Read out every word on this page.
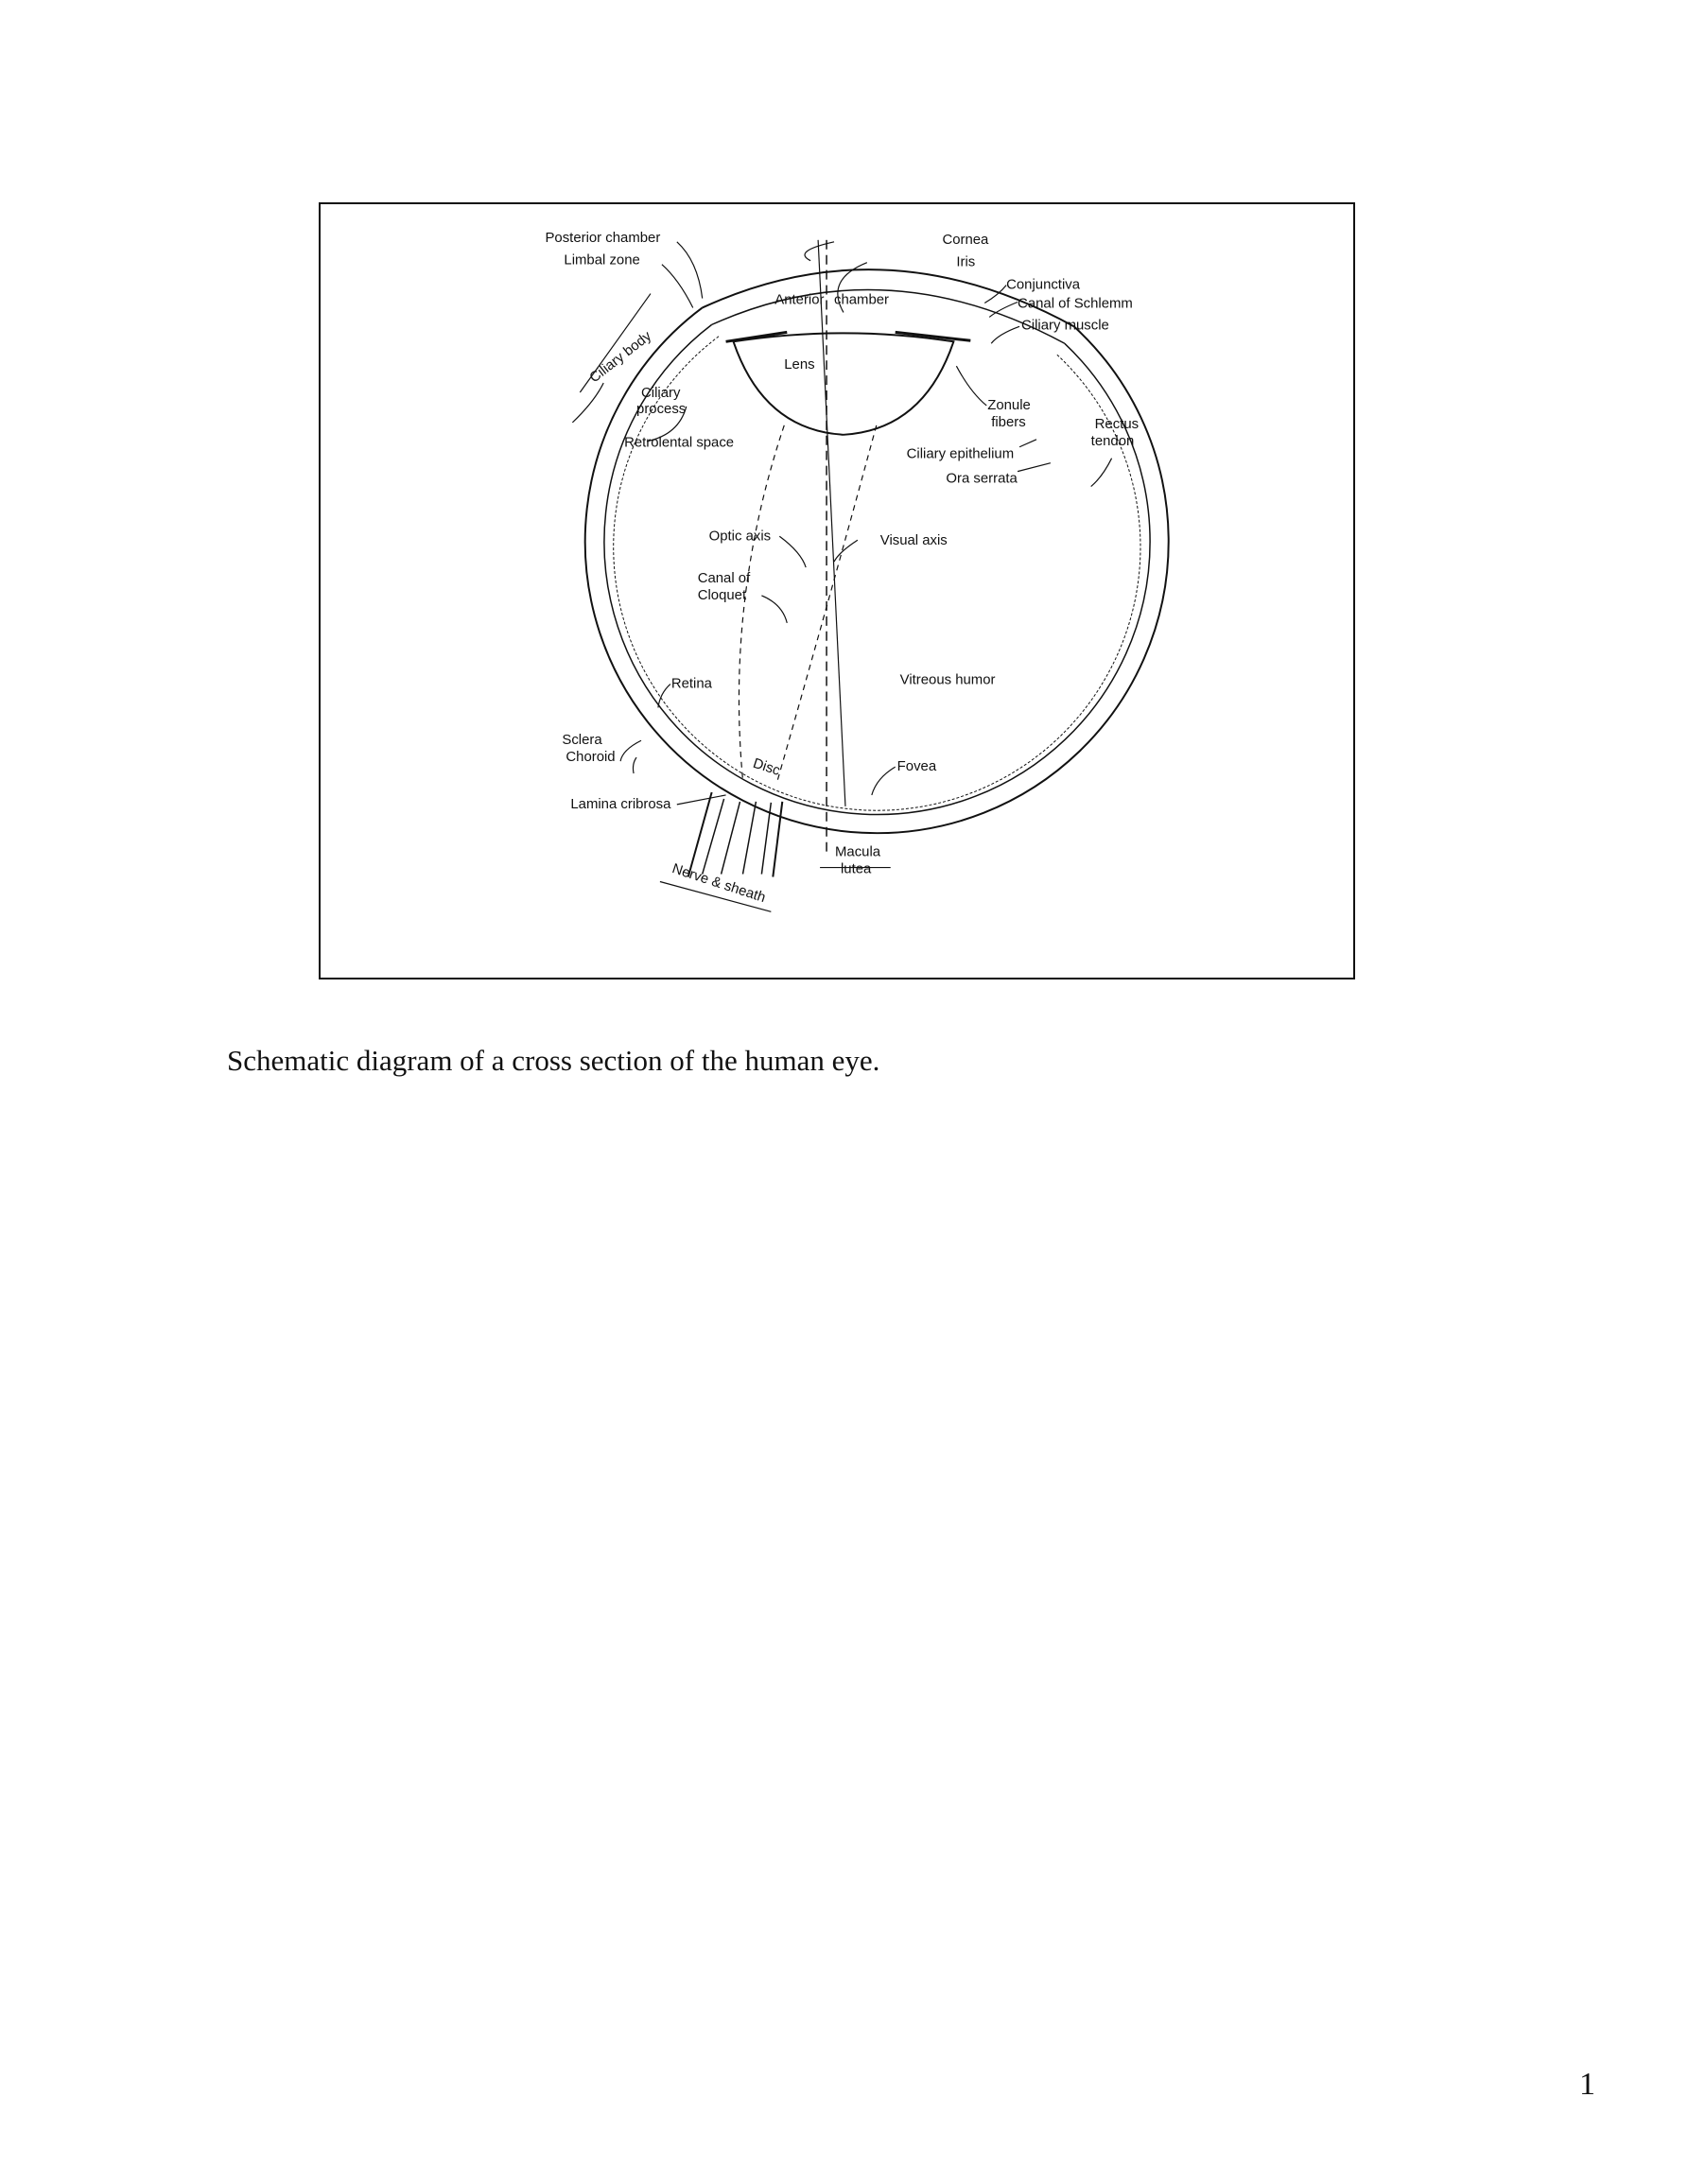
Posterior chamber
Limbal zone
Ciliary body
Ciliary
process
Retrolental space
Cornea
Iris
Anterior chamber
Lens
Conjunctiva
Canal of Schlemm
Ciliary muscle
Zonule
fibers	Rectus
tendon
Ciliary epithelium
Ora serrata
Optic axis	Visual axis
Canal of
Cloquet
Vitreous humor
Retina
Sclera
Choroid	Disc	Fovea
Lamina cribrosa
Nerve & sheath
Macula
lutea
Schematic diagram of a cross section of the human eye.
1
